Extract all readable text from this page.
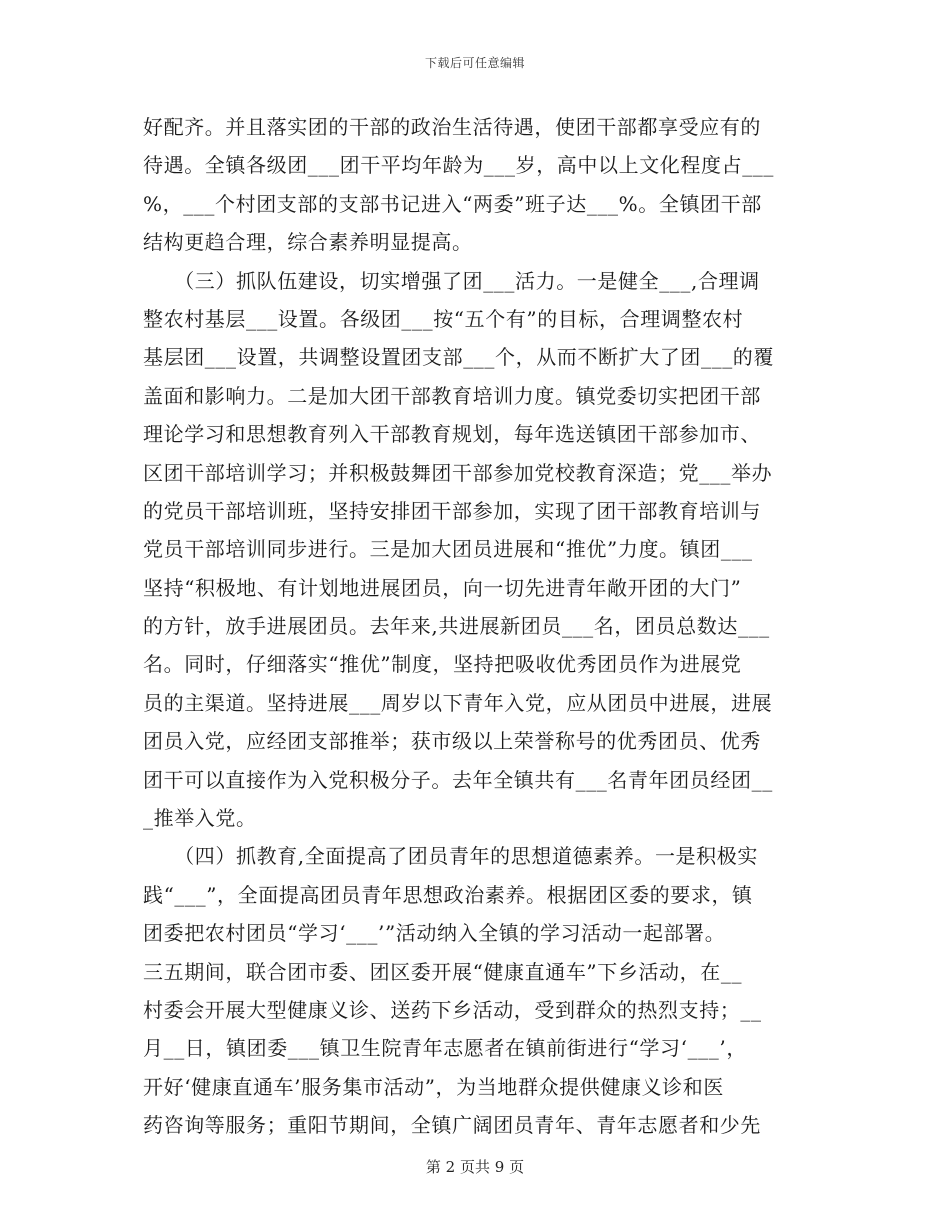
下载后可任意编辑
好配齐。并且落实团的干部的政治生活待遇，使团干部都享受应有的
待遇。全镇各级团___团干平均年龄为___岁，高中以上文化程度占___
%，___个村团支部的支部书记进入“两委”班子达___%。全镇团干部
结构更趋合理，综合素养明显提高。
　　（三）抓队伍建设，切实增强了团___活力。一是健全___,合理调
整农村基层___设置。各级团___按“五个有”的目标，合理调整农村
基层团___设置，共调整设置团支部___个，从而不断扩大了团___的覆
盖面和影响力。二是加大团干部教育培训力度。镇党委切实把团干部
理论学习和思想教育列入干部教育规划，每年选送镇团干部参加市、
区团干部培训学习；并积极鼓舞团干部参加党校教育深造；党___举办
的党员干部培训班，坚持安排团干部参加，实现了团干部教育培训与
党员干部培训同步进行。三是加大团员进展和“推优”力度。镇团___
坚持“积极地、有计划地进展团员，向一切先进青年敞开团的大门”
的方针，放手进展团员。去年来,共进展新团员___名，团员总数达___
名。同时，仔细落实“推优”制度，坚持把吸收优秀团员作为进展党
员的主渠道。坚持进展___周岁以下青年入党，应从团员中进展，进展
团员入党，应经团支部推举；获市级以上荣誉称号的优秀团员、优秀
团干可以直接作为入党积极分子。去年全镇共有___名青年团员经团__
_推举入党。
　　（四）抓教育,全面提高了团员青年的思想道德素养。一是积极实
践“___”，全面提高团员青年思想政治素养。根据团区委的要求，镇
团委把农村团员“学习‘___’”活动纳入全镇的学习活动一起部署。
三五期间，联合团市委、团区委开展“健康直通车”下乡活动，在__
村委会开展大型健康义诊、送药下乡活动，受到群众的热烈支持；__
月__日，镇团委___镇卫生院青年志愿者在镇前街进行“学习‘___’，
开好‘健康直通车’服务集市活动”，为当地群众提供健康义诊和医
药咨询等服务；重阳节期间，全镇广阔团员青年、青年志愿者和少先
第 2 页共 9 页
